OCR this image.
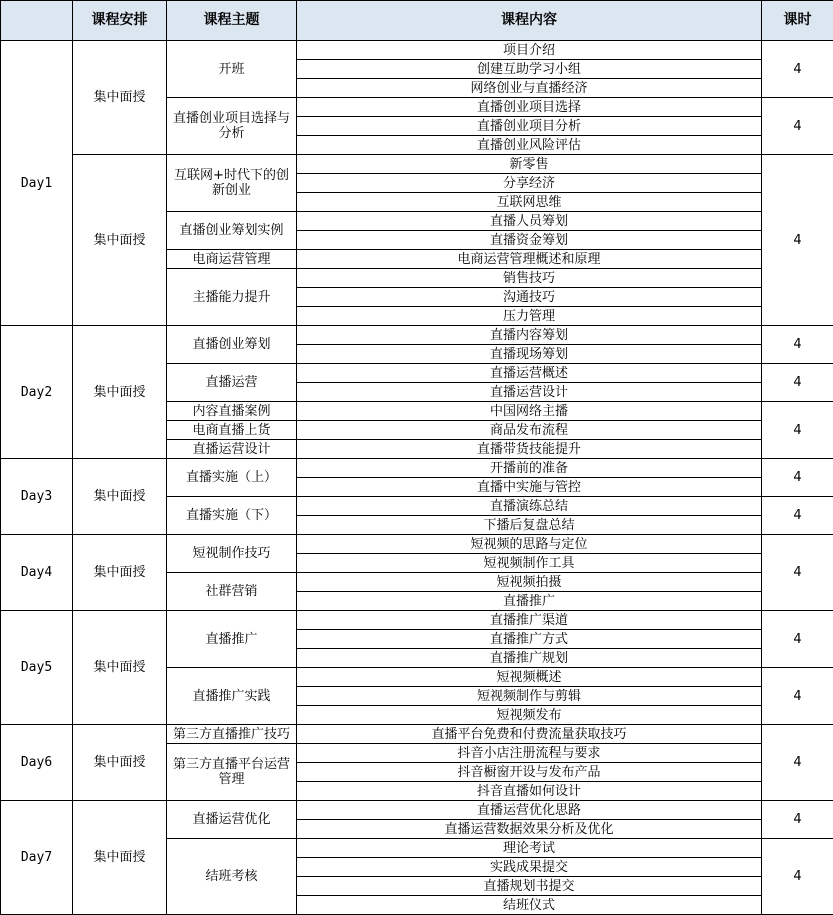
	课程安排	课程主题	课程内容	课时
Day1	集中面授	开班	项目介绍	4
			创建互助学习小组	
			网络创业与直播经济	
		直播创业项目选择与分析	直播创业项目选择	4
			直播创业项目分析	
			直播创业风险评估	
	集中面授	互联网+时代下的创新创业	新零售	4
			分享经济	
			互联网思维	
		直播创业筹划实例	直播人员筹划	
			直播资金筹划	
		电商运营管理	电商运营管理概述和原理	
		主播能力提升	销售技巧	
			沟通技巧	
			压力管理	
Day2	集中面授	直播创业筹划	直播内容筹划	4
			直播现场筹划	
		直播运营	直播运营概述	4
			直播运营设计	
		内容直播案例	中国网络主播	4
		电商直播上货	商品发布流程	
		直播运营设计	直播带货技能提升	
Day3	集中面授	直播实施（上）	开播前的准备	4
			直播中实施与管控	
		直播实施（下）	直播演练总结	4
			下播后复盘总结	
Day4	集中面授	短视制作技巧	短视频的思路与定位	4
			短视频制作工具	
		社群营销	短视频拍摄	
			直播推广	
Day5	集中面授	直播推广	直播推广渠道	4
			直播推广方式	
			直播推广规划	
		直播推广实践	短视频概述	4
			短视频制作与剪辑	
			短视频发布	
Day6	集中面授	第三方直播推广技巧	直播平台免费和付费流量获取技巧	4
		第三方直播平台运营管理	抖音小店注册流程与要求	
			抖音橱窗开设与发布产品	
			抖音直播如何设计	
Day7	集中面授	直播运营优化	直播运营优化思路	4
			直播运营数据效果分析及优化	
		结班考核	理论考试	4
			实践成果提交	
			直播规划书提交	
			结班仪式	
